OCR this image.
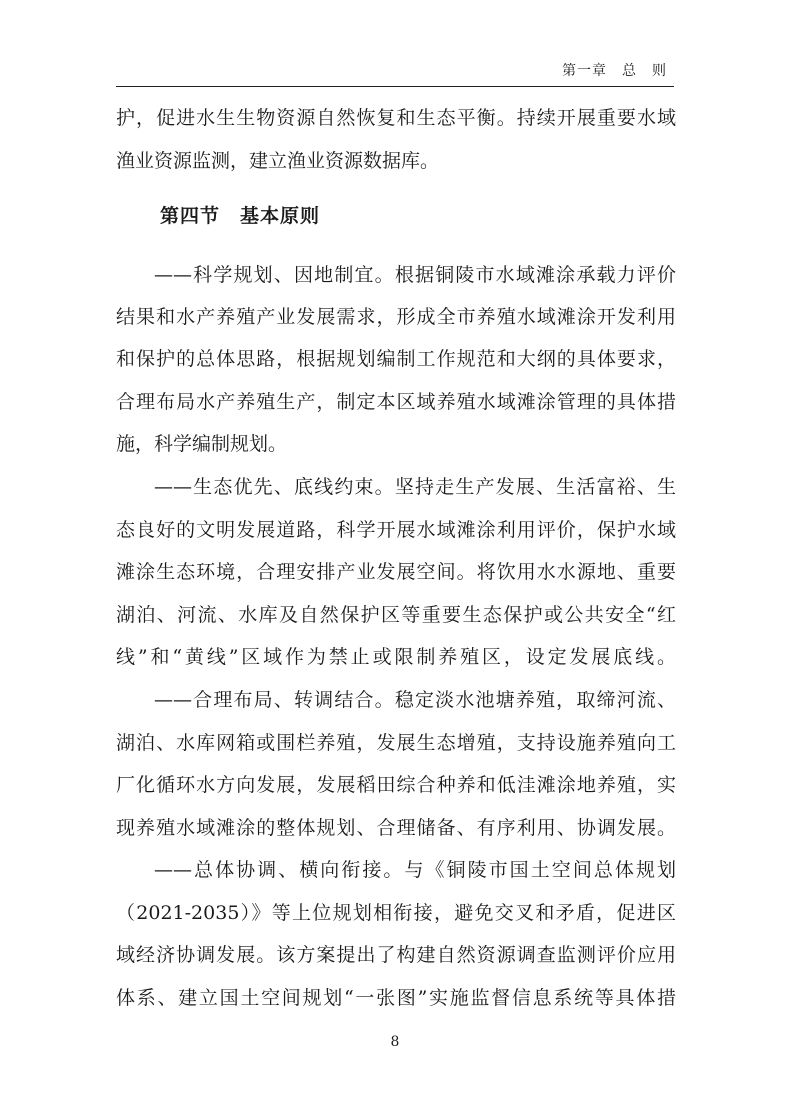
第一章　总　则
护，促进水生生物资源自然恢复和生态平衡。持续开展重要水域
渔业资源监测，建立渔业资源数据库。
第四节　基本原则
——科学规划、因地制宜。根据铜陵市水域滩涂承载力评价
结果和水产养殖产业发展需求，形成全市养殖水域滩涂开发利用
和保护的总体思路，根据规划编制工作规范和大纲的具体要求，
合理布局水产养殖生产，制定本区域养殖水域滩涂管理的具体措
施，科学编制规划。
——生态优先、底线约束。坚持走生产发展、生活富裕、生
态良好的文明发展道路，科学开展水域滩涂利用评价，保护水域
滩涂生态环境，合理安排产业发展空间。将饮用水水源地、重要
湖泊、河流、水库及自然保护区等重要生态保护或公共安全“红
线”和“黄线”区域作为禁止或限制养殖区，设定发展底线。
——合理布局、转调结合。稳定淡水池塘养殖，取缔河流、
湖泊、水库网箱或围栏养殖，发展生态增殖，支持设施养殖向工
厂化循环水方向发展，发展稻田综合种养和低洼滩涂地养殖，实
现养殖水域滩涂的整体规划、合理储备、有序利用、协调发展。
——总体协调、横向衔接。与《铜陵市国土空间总体规划
（2021-2035）》等上位规划相衔接，避免交叉和矛盾，促进区
域经济协调发展。该方案提出了构建自然资源调查监测评价应用
体系、建立国土空间规划“一张图”实施监督信息系统等具体措
8
